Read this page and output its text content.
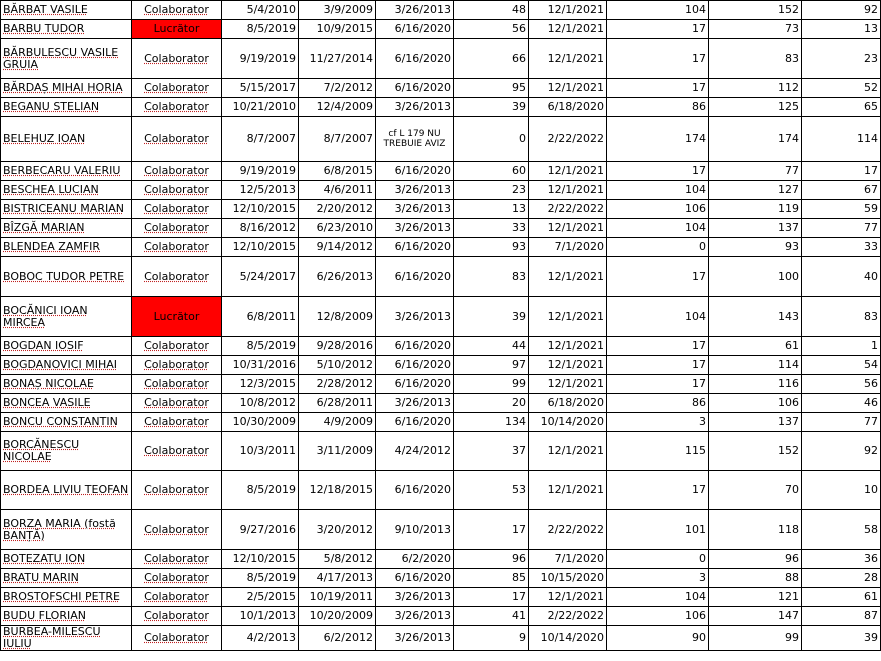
BĂRBAT VASILE	Colaborator	5/4/2010	3/9/2009	3/26/2013	48	12/1/2021	104	152	92
BARBU TUDOR	Lucrător	8/5/2019	10/9/2015	6/16/2020	56	12/1/2021	17	73	13
BĂRBULESCU VASILE GRUIA	Colaborator	9/19/2019	11/27/2014	6/16/2020	66	12/1/2021	17	83	23
BĂRDAȘ MIHAI HORIA	Colaborator	5/15/2017	7/2/2012	6/16/2020	95	12/1/2021	17	112	52
BEGANU STELIAN	Colaborator	10/21/2010	12/4/2009	3/26/2013	39	6/18/2020	86	125	65
BELEHUZ IOAN	Colaborator	8/7/2007	8/7/2007	cf L 179 NU TREBUIE AVIZ	0	2/22/2022	174	174	114
BERBECARU VALERIU	Colaborator	9/19/2019	6/8/2015	6/16/2020	60	12/1/2021	17	77	17
BESCHEA LUCIAN	Colaborator	12/5/2013	4/6/2011	3/26/2013	23	12/1/2021	104	127	67
BISTRICEANU MARIAN	Colaborator	12/10/2015	2/20/2012	3/26/2013	13	2/22/2022	106	119	59
BÎZGĂ MARIAN	Colaborator	8/16/2012	6/23/2010	3/26/2013	33	12/1/2021	104	137	77
BLENDEA ZAMFIR	Colaborator	12/10/2015	9/14/2012	6/16/2020	93	7/1/2020	0	93	33
BOBOC TUDOR PETRE	Colaborator	5/24/2017	6/26/2013	6/16/2020	83	12/1/2021	17	100	40
BOCĂNICI IOAN MIRCEA	Lucrător	6/8/2011	12/8/2009	3/26/2013	39	12/1/2021	104	143	83
BOGDAN IOSIF	Colaborator	8/5/2019	9/28/2016	6/16/2020	44	12/1/2021	17	61	1
BOGDANOVICI MIHAI	Colaborator	10/31/2016	5/10/2012	6/16/2020	97	12/1/2021	17	114	54
BONAȘ NICOLAE	Colaborator	12/3/2015	2/28/2012	6/16/2020	99	12/1/2021	17	116	56
BONCEA VASILE	Colaborator	10/8/2012	6/28/2011	3/26/2013	20	6/18/2020	86	106	46
BONCU CONSTANTIN	Colaborator	10/30/2009	4/9/2009	6/16/2020	134	10/14/2020	3	137	77
BORCĂNESCU NICOLAE	Colaborator	10/3/2011	3/11/2009	4/24/2012	37	12/1/2021	115	152	92
BORDEA LIVIU TEOFAN	Colaborator	8/5/2019	12/18/2015	6/16/2020	53	12/1/2021	17	70	10
BORZA MARIA (fostă BANȚĂ)	Colaborator	9/27/2016	3/20/2012	9/10/2013	17	2/22/2022	101	118	58
BOTEZATU ION	Colaborator	12/10/2015	5/8/2012	6/2/2020	96	7/1/2020	0	96	36
BRATU MARIN	Colaborator	8/5/2019	4/17/2013	6/16/2020	85	10/15/2020	3	88	28
BROSTOFSCHI PETRE	Colaborator	2/5/2015	10/19/2011	3/26/2013	17	12/1/2021	104	121	61
BUDU FLORIAN	Colaborator	10/1/2013	10/20/2009	3/26/2013	41	2/22/2022	106	147	87
BURBEA-MILESCU IULIU	Colaborator	4/2/2013	6/2/2012	3/26/2013	9	10/14/2020	90	99	39
